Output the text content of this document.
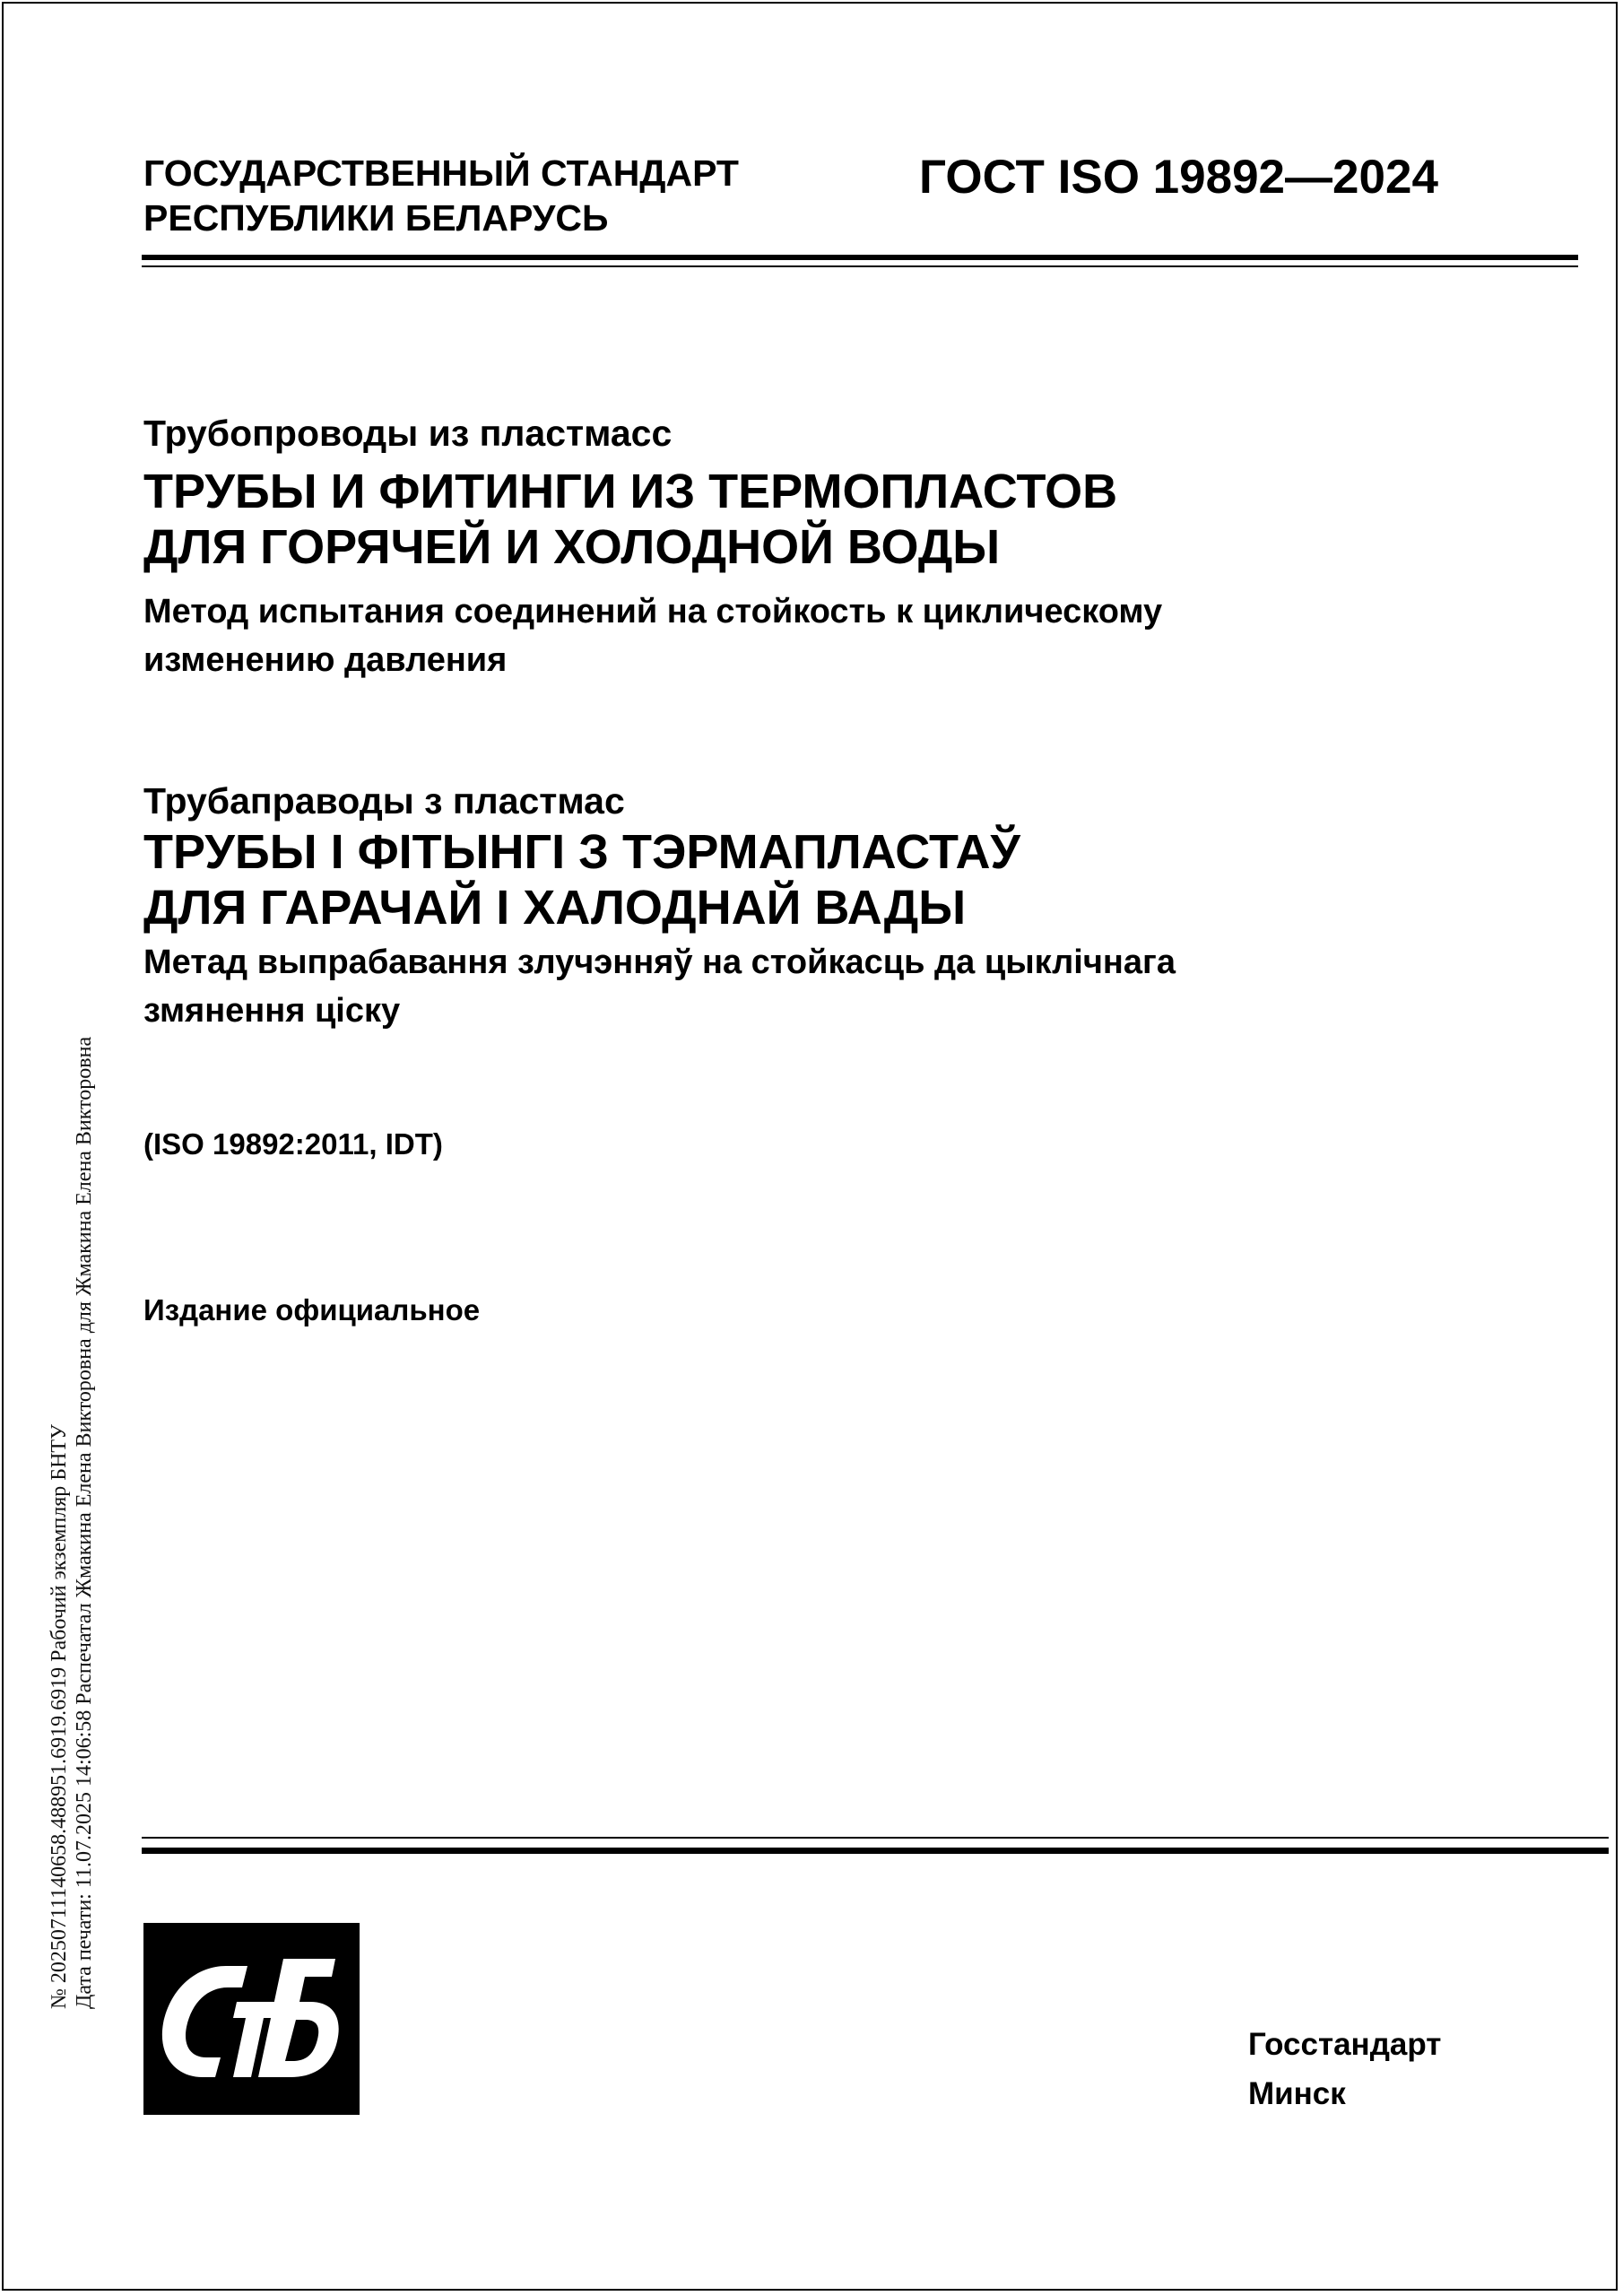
ГОСУДАРСТВЕННЫЙ СТАНДАРТ
РЕСПУБЛИКИ БЕЛАРУСЬ
ГОСТ ISO 19892—2024
Трубопроводы из пластмасс
ТРУБЫ И ФИТИНГИ ИЗ ТЕРМОПЛАСТОВ
ДЛЯ ГОРЯЧЕЙ И ХОЛОДНОЙ ВОДЫ
Метод испытания соединений на стойкость к циклическому
изменению давления
Трубаправоды з пластмас
ТРУБЫ І ФІТЫНГІ З ТЭРМАПЛАСТАЎ
ДЛЯ ГАРАЧАЙ І ХАЛОДНАЙ ВАДЫ
Метад выпрабавання злучэнняў на стойкасць да цыклічнага
змянення ціску
(ISO 19892:2011, IDT)
Издание официальное
№ 20250711140658.488951.6919.6919 Рабочий экземпляр БНТУ Дата печати: 11.07.2025 14:06:58 Распечатал Жмакина Елена Викторовна для Жмакина Елена Викторовна
Госстандарт
Минск
